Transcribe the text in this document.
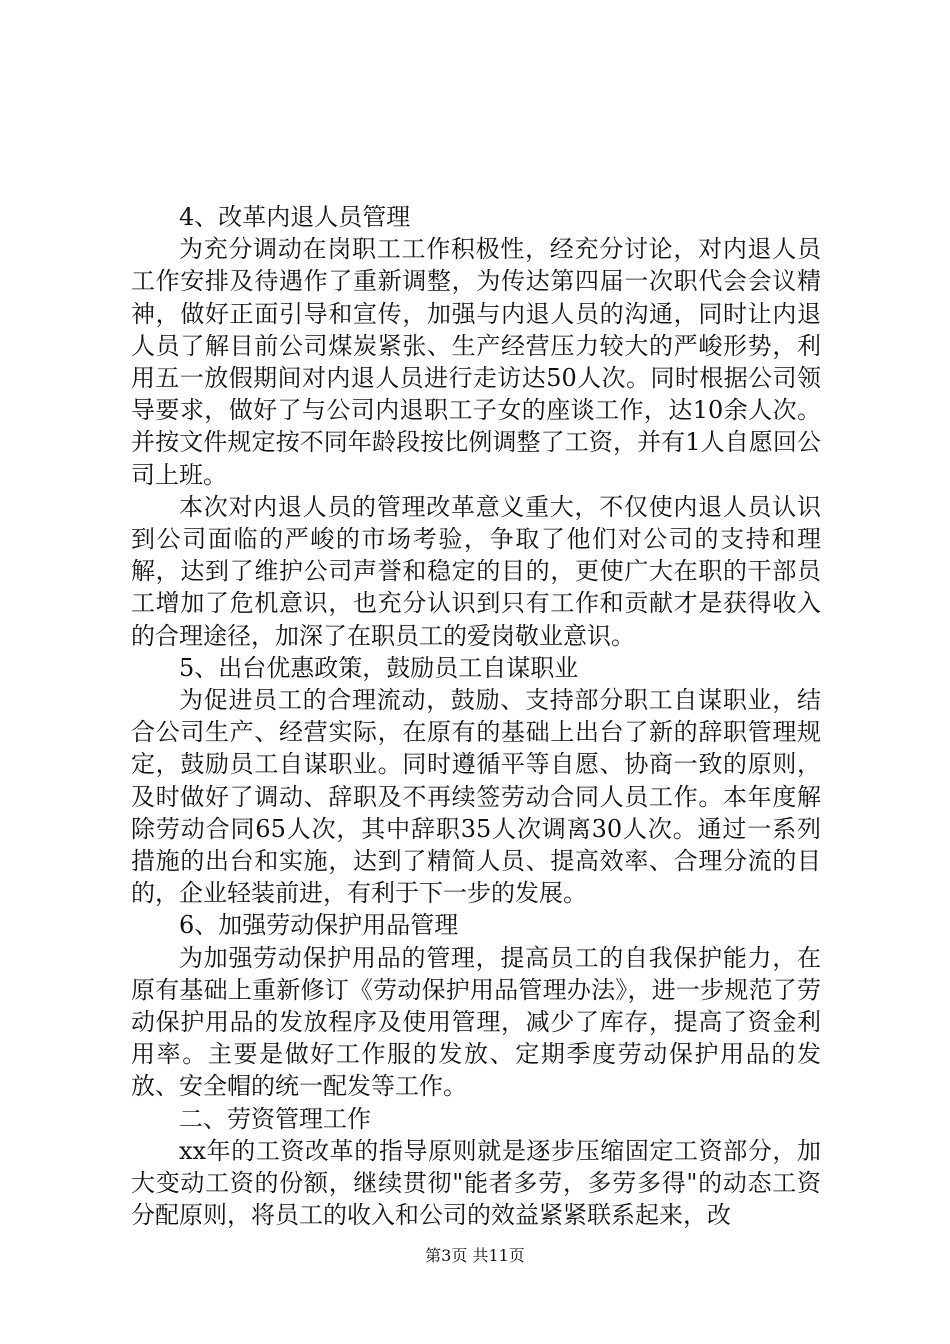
4、改革内退人员管理

为充分调动在岗职工工作积极性，经充分讨论，对内退人员工作安排及待遇作了重新调整，为传达第四届一次职代会会议精神，做好正面引导和宣传，加强与内退人员的沟通，同时让内退人员了解目前公司煤炭紧张、生产经营压力较大的严峻形势，利用五一放假期间对内退人员进行走访达50人次。同时根据公司领导要求，做好了与公司内退职工子女的座谈工作，达10余人次。并按文件规定按不同年龄段按比例调整了工资，并有1人自愿回公司上班。

本次对内退人员的管理改革意义重大，不仅使内退人员认识到公司面临的严峻的市场考验，争取了他们对公司的支持和理解，达到了维护公司声誉和稳定的目的，更使广大在职的干部员工增加了危机意识，也充分认识到只有工作和贡献才是获得收入的合理途径，加深了在职员工的爱岗敬业意识。

5、出台优惠政策，鼓励员工自谋职业

为促进员工的合理流动，鼓励、支持部分职工自谋职业，结合公司生产、经营实际，在原有的基础上出台了新的辞职管理规定，鼓励员工自谋职业。同时遵循平等自愿、协商一致的原则，及时做好了调动、辞职及不再续签劳动合同人员工作。本年度解除劳动合同65人次，其中辞职35人次调离30人次。通过一系列措施的出台和实施，达到了精简人员、提高效率、合理分流的目的，企业轻装前进，有利于下一步的发展。

6、加强劳动保护用品管理

为加强劳动保护用品的管理，提高员工的自我保护能力，在原有基础上重新修订《劳动保护用品管理办法》，进一步规范了劳动保护用品的发放程序及使用管理，减少了库存，提高了资金利用率。主要是做好工作服的发放、定期季度劳动保护用品的发放、安全帽的统一配发等工作。

二、劳资管理工作

xx年的工资改革的指导原则就是逐步压缩固定工资部分，加大变动工资的份额，继续贯彻"能者多劳，多劳多得"的动态工资分配原则，将员工的收入和公司的效益紧紧联系起来，改

第3页 共11页
